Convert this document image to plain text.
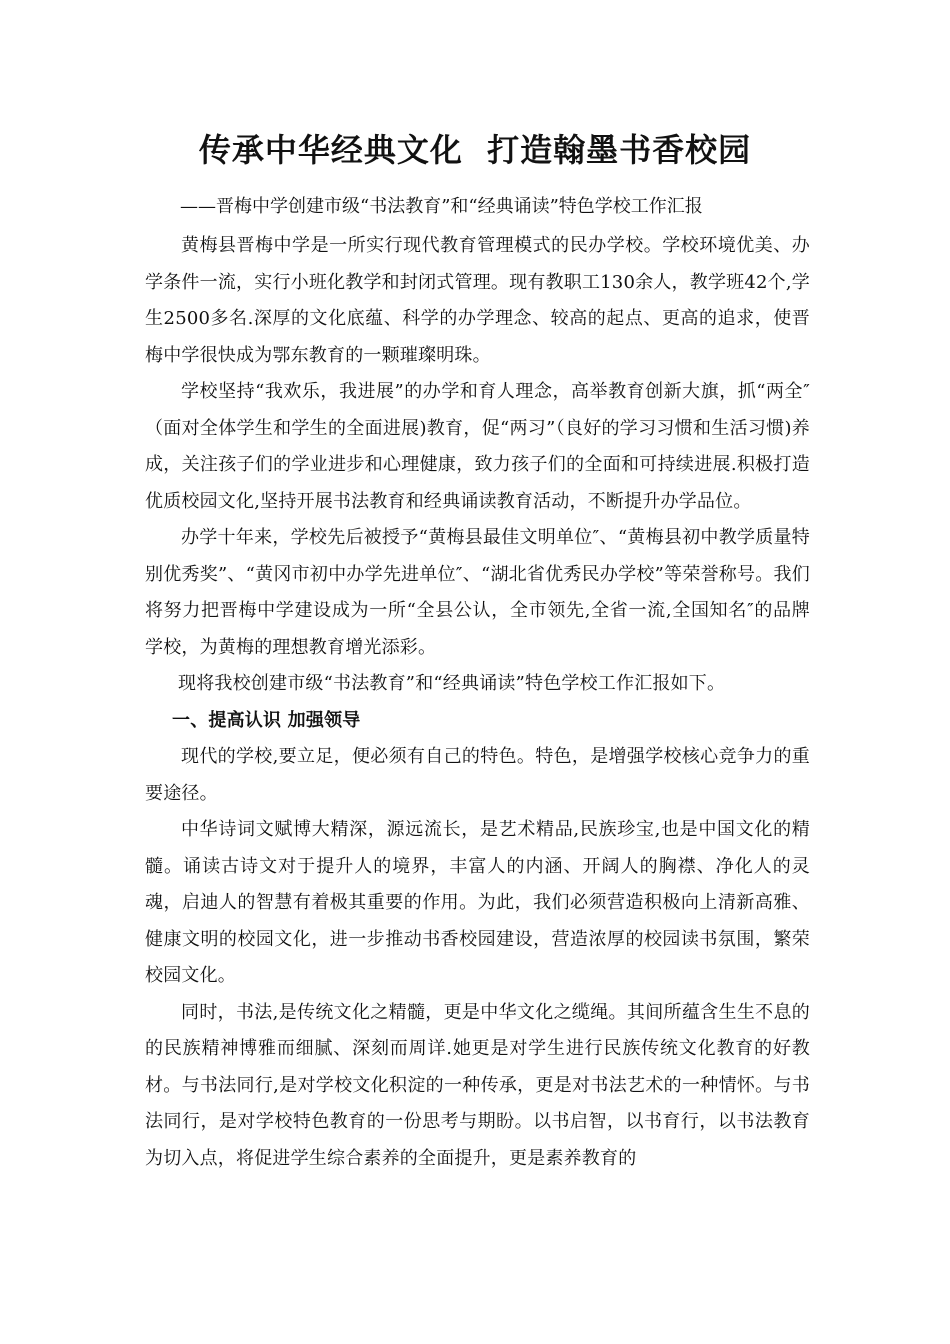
传承中华经典文化  打造翰墨书香校园
——晋梅中学创建市级“书法教育”和“经典诵读”特色学校工作汇报

黄梅县晋梅中学是一所实行现代教育管理模式的民办学校。学校环境优美、办学条件一流，实行小班化教学和封闭式管理。现有教职工130余人，教学班42个,学生2500多名.深厚的文化底蕴、科学的办学理念、较高的起点、更高的追求，使晋梅中学很快成为鄂东教育的一颗璀璨明珠。

学校坚持“我欢乐，我进展”的办学和育人理念，高举教育创新大旗，抓“两全″（面对全体学生和学生的全面进展)教育，促“两习”（良好的学习习惯和生活习惯)养成，关注孩子们的学业进步和心理健康，致力孩子们的全面和可持续进展.积极打造优质校园文化,坚持开展书法教育和经典诵读教育活动，不断提升办学品位。

办学十年来，学校先后被授予“黄梅县最佳文明单位″、“黄梅县初中教学质量特别优秀奖”、“黄冈市初中办学先进单位″、“湖北省优秀民办学校”等荣誉称号。我们将努力把晋梅中学建设成为一所“全县公认，全市领先,全省一流,全国知名″的品牌学校，为黄梅的理想教育增光添彩。

现将我校创建市级“书法教育”和“经典诵读”特色学校工作汇报如下。

一、提高认识 加强领导

现代的学校,要立足，便必须有自己的特色。特色，是增强学校核心竞争力的重要途径。

中华诗词文赋博大精深，源远流长，是艺术精品,民族珍宝,也是中国文化的精髓。诵读古诗文对于提升人的境界，丰富人的内涵、开阔人的胸襟、净化人的灵魂，启迪人的智慧有着极其重要的作用。为此，我们必须营造积极向上清新高雅、健康文明的校园文化，进一步推动书香校园建设，营造浓厚的校园读书氛围，繁荣校园文化。

同时，书法,是传统文化之精髓，更是中华文化之缆绳。其间所蕴含生生不息的的民族精神博雅而细腻、深刻而周详.她更是对学生进行民族传统文化教育的好教材。与书法同行,是对学校文化积淀的一种传承，更是对书法艺术的一种情怀。与书法同行，是对学校特色教育的一份思考与期盼。以书启智，以书育行，以书法教育为切入点，将促进学生综合素养的全面提升，更是素养教育的
